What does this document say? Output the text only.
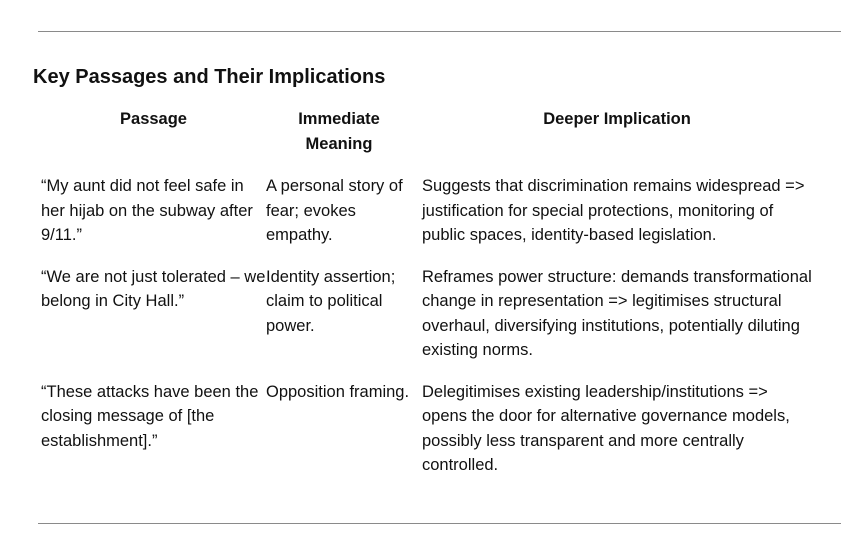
Key Passages and Their Implications
Passage	Immediate Meaning	Deeper Implication
“My aunt did not feel safe in her hijab on the subway after 9/11.”	A personal story of fear; evokes empathy.	Suggests that discrimination remains widespread => justification for special protections, monitoring of public spaces, identity-based legislation.
“We are not just tolerated – we belong in City Hall.”	Identity assertion; claim to political power.	Reframes power structure: demands transformational change in representation => legitimises structural overhaul, diversifying institutions, potentially diluting existing norms.
“These attacks have been the closing message of [the establishment].”	Opposition framing.	Delegitimises existing leadership/institutions => opens the door for alternative governance models, possibly less transparent and more centrally controlled.
